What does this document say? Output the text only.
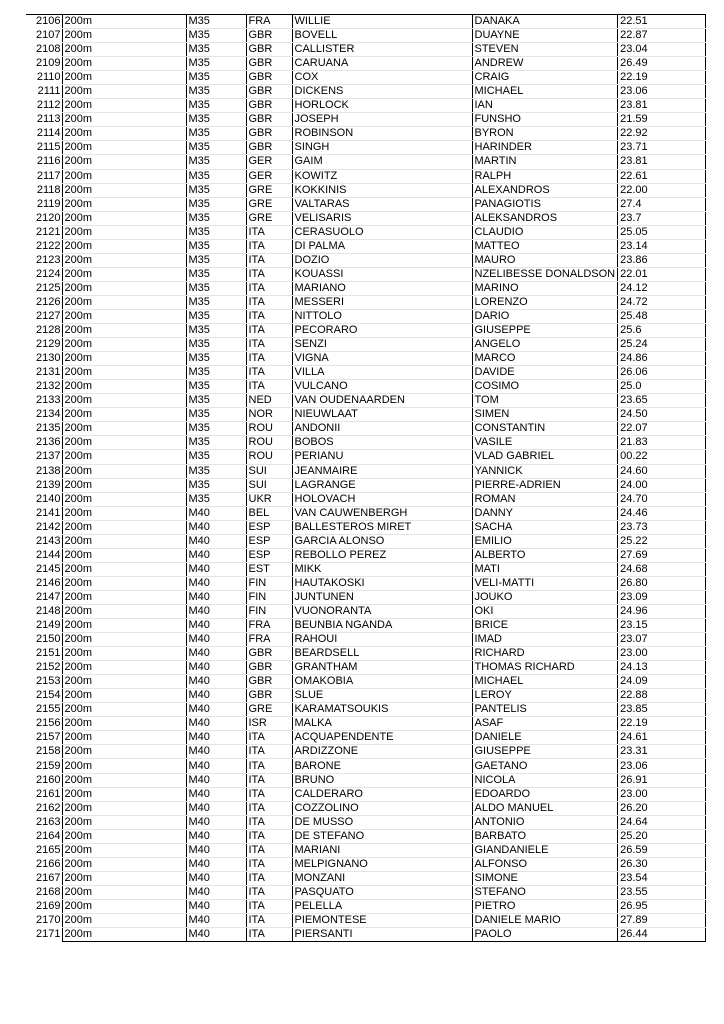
2106	200m	M35	FRA	WILLIE	DANAKA	22.51
2107	200m	M35	GBR	BOVELL	DUAYNE	22.87
2108	200m	M35	GBR	CALLISTER	STEVEN	23.04
2109	200m	M35	GBR	CARUANA	ANDREW	26.49
2110	200m	M35	GBR	COX	CRAIG	22.19
2111	200m	M35	GBR	DICKENS	MICHAEL	23.06
2112	200m	M35	GBR	HORLOCK	IAN	23.81
2113	200m	M35	GBR	JOSEPH	FUNSHO	21.59
2114	200m	M35	GBR	ROBINSON	BYRON	22.92
2115	200m	M35	GBR	SINGH	HARINDER	23.71
2116	200m	M35	GER	GAIM	MARTIN	23.81
2117	200m	M35	GER	KOWITZ	RALPH	22.61
2118	200m	M35	GRE	KOKKINIS	ALEXANDROS	22.00
2119	200m	M35	GRE	VALTARAS	PANAGIOTIS	27.4
2120	200m	M35	GRE	VELISARIS	ALEKSANDROS	23.7
2121	200m	M35	ITA	CERASUOLO	CLAUDIO	25.05
2122	200m	M35	ITA	DI PALMA	MATTEO	23.14
2123	200m	M35	ITA	DOZIO	MAURO	23.86
2124	200m	M35	ITA	KOUASSI	NZELIBESSE DONALDSON	22.01
2125	200m	M35	ITA	MARIANO	MARINO	24.12
2126	200m	M35	ITA	MESSERI	LORENZO	24.72
2127	200m	M35	ITA	NITTOLO	DARIO	25.48
2128	200m	M35	ITA	PECORARO	GIUSEPPE	25.6
2129	200m	M35	ITA	SENZI	ANGELO	25.24
2130	200m	M35	ITA	VIGNA	MARCO	24.86
2131	200m	M35	ITA	VILLA	DAVIDE	26.06
2132	200m	M35	ITA	VULCANO	COSIMO	25.0
2133	200m	M35	NED	VAN OUDENAARDEN	TOM	23.65
2134	200m	M35	NOR	NIEUWLAAT	SIMEN	24.50
2135	200m	M35	ROU	ANDONII	CONSTANTIN	22.07
2136	200m	M35	ROU	BOBOS	VASILE	21.83
2137	200m	M35	ROU	PERIANU	VLAD GABRIEL	00.22
2138	200m	M35	SUI	JEANMAIRE	YANNICK	24.60
2139	200m	M35	SUI	LAGRANGE	PIERRE-ADRIEN	24.00
2140	200m	M35	UKR	HOLOVACH	ROMAN	24.70
2141	200m	M40	BEL	VAN CAUWENBERGH	DANNY	24.46
2142	200m	M40	ESP	BALLESTEROS MIRET	SACHA	23.73
2143	200m	M40	ESP	GARCIA ALONSO	EMILIO	25.22
2144	200m	M40	ESP	REBOLLO PEREZ	ALBERTO	27.69
2145	200m	M40	EST	MIKK	MATI	24.68
2146	200m	M40	FIN	HAUTAKOSKI	VELI-MATTI	26.80
2147	200m	M40	FIN	JUNTUNEN	JOUKO	23.09
2148	200m	M40	FIN	VUONORANTA	OKI	24.96
2149	200m	M40	FRA	BEUNBIA NGANDA	BRICE	23.15
2150	200m	M40	FRA	RAHOUI	IMAD	23.07
2151	200m	M40	GBR	BEARDSELL	RICHARD	23.00
2152	200m	M40	GBR	GRANTHAM	THOMAS RICHARD	24.13
2153	200m	M40	GBR	OMAKOBIA	MICHAEL	24.09
2154	200m	M40	GBR	SLUE	LEROY	22.88
2155	200m	M40	GRE	KARAMATSOUKIS	PANTELIS	23.85
2156	200m	M40	ISR	MALKA	ASAF	22.19
2157	200m	M40	ITA	ACQUAPENDENTE	DANIELE	24.61
2158	200m	M40	ITA	ARDIZZONE	GIUSEPPE	23.31
2159	200m	M40	ITA	BARONE	GAETANO	23.06
2160	200m	M40	ITA	BRUNO	NICOLA	26.91
2161	200m	M40	ITA	CALDERARO	EDOARDO	23.00
2162	200m	M40	ITA	COZZOLINO	ALDO MANUEL	26.20
2163	200m	M40	ITA	DE MUSSO	ANTONIO	24.64
2164	200m	M40	ITA	DE STEFANO	BARBATO	25.20
2165	200m	M40	ITA	MARIANI	GIANDANIELE	26.59
2166	200m	M40	ITA	MELPIGNANO	ALFONSO	26.30
2167	200m	M40	ITA	MONZANI	SIMONE	23.54
2168	200m	M40	ITA	PASQUATO	STEFANO	23.55
2169	200m	M40	ITA	PELELLA	PIETRO	26.95
2170	200m	M40	ITA	PIEMONTESE	DANIELE MARIO	27.89
2171	200m	M40	ITA	PIERSANTI	PAOLO	26.44
